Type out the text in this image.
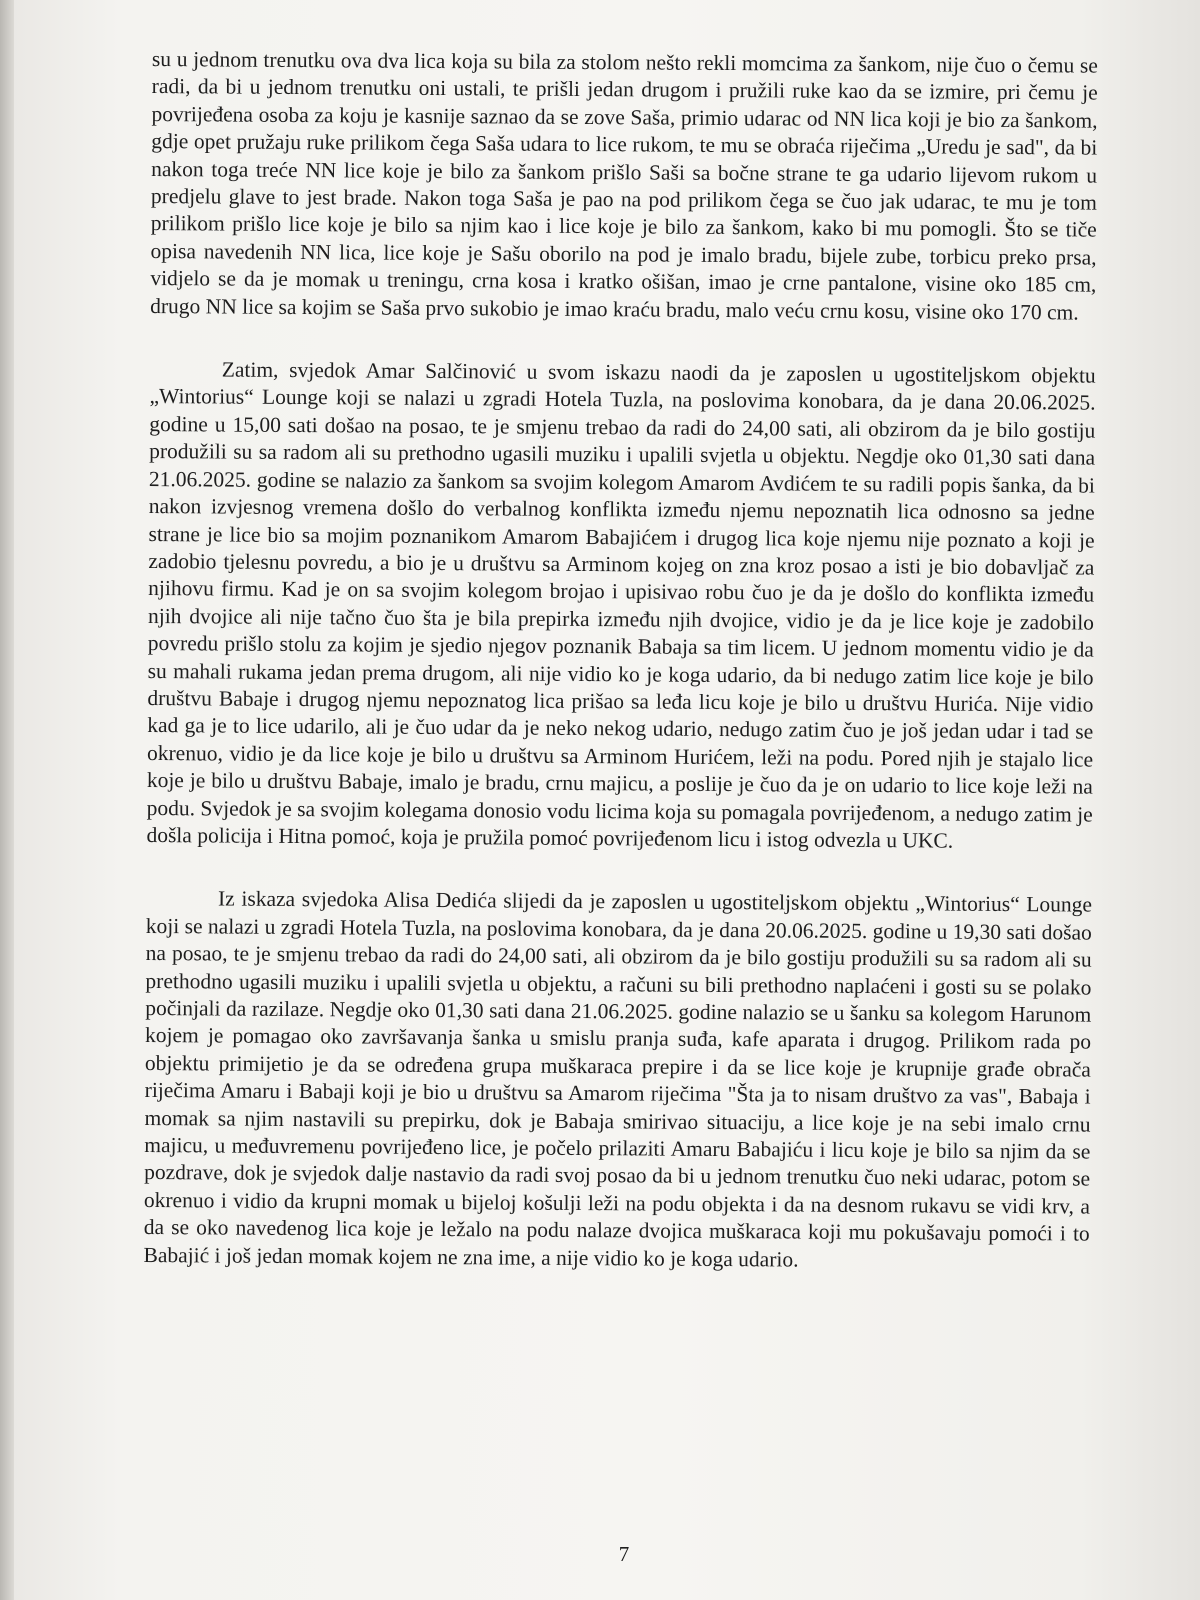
su u jednom trenutku ova dva lica koja su bila za stolom nešto rekli momcima za šankom, nije čuo o čemu se radi, da bi u jednom trenutku oni ustali, te prišli jedan drugom i pružili ruke kao da se izmire, pri čemu je povrijeđena osoba za koju je kasnije saznao da se zove Saša, primio udarac od NN lica koji je bio za šankom, gdje opet pružaju ruke prilikom čega Saša udara to lice rukom, te mu se obraća riječima „Uredu je sad", da bi nakon toga treće NN lice koje je bilo za šankom prišlo Saši sa bočne strane te ga udario lijevom rukom u predjelu glave to jest brade. Nakon toga Saša je pao na pod prilikom čega se čuo jak udarac, te mu je tom prilikom prišlo lice koje je bilo sa njim kao i lice koje je bilo za šankom, kako bi mu pomogli. Što se tiče opisa navedenih NN lica, lice koje je Sašu oborilo na pod je imalo bradu, bijele zube, torbicu preko prsa, vidjelo se da je momak u treningu, crna kosa i kratko ošišan, imao je crne pantalone, visine oko 185 cm, drugo NN lice sa kojim se Saša prvo sukobio je imao kraću bradu, malo veću crnu kosu, visine oko 170 cm.

Zatim, svjedok Amar Salčinović u svom iskazu naodi da je zaposlen u ugostiteljskom objektu „Wintorius“ Lounge koji se nalazi u zgradi Hotela Tuzla, na poslovima konobara, da je dana 20.06.2025. godine u 15,00 sati došao na posao, te je smjenu trebao da radi do 24,00 sati, ali obzirom da je bilo gostiju produžili su sa radom ali su prethodno ugasili muziku i upalili svjetla u objektu. Negdje oko 01,30 sati dana 21.06.2025. godine se nalazio za šankom sa svojim kolegom Amarom Avdićem te su radili popis šanka, da bi nakon izvjesnog vremena došlo do verbalnog konflikta između njemu nepoznatih lica odnosno sa jedne strane je lice bio sa mojim poznanikom Amarom Babajićem i drugog lica koje njemu nije poznato a koji je zadobio tjelesnu povredu, a bio je u društvu sa Arminom kojeg on zna kroz posao a isti je bio dobavljač za njihovu firmu. Kad je on sa svojim kolegom brojao i upisivao robu čuo je da je došlo do konflikta između njih dvojice ali nije tačno čuo šta je bila prepirka između njih dvojice, vidio je da je lice koje je zadobilo povredu prišlo stolu za kojim je sjedio njegov poznanik Babaja sa tim licem. U jednom momentu vidio je da su mahali rukama jedan prema drugom, ali nije vidio ko je koga udario, da bi nedugo zatim lice koje je bilo društvu Babaje i drugog njemu nepoznatog lica prišao sa leđa licu koje je bilo u društvu Hurića. Nije vidio kad ga je to lice udarilo, ali je čuo udar da je neko nekog udario, nedugo zatim čuo je još jedan udar i tad se okrenuo, vidio je da lice koje je bilo u društvu sa Arminom Hurićem, leži na podu. Pored njih je stajalo lice koje je bilo u društvu Babaje, imalo je bradu, crnu majicu, a poslije je čuo da je on udario to lice koje leži na podu. Svjedok je sa svojim kolegama donosio vodu licima koja su pomagala povrijeđenom, a nedugo zatim je došla policija i Hitna pomoć, koja je pružila pomoć povrijeđenom licu i istog odvezla u UKC.

Iz iskaza svjedoka Alisa Dedića slijedi da je zaposlen u ugostiteljskom objektu „Wintorius“ Lounge koji se nalazi u zgradi Hotela Tuzla, na poslovima konobara, da je dana 20.06.2025. godine u 19,30 sati došao na posao, te je smjenu trebao da radi do 24,00 sati, ali obzirom da je bilo gostiju produžili su sa radom ali su prethodno ugasili muziku i upalili svjetla u objektu, a računi su bili prethodno naplaćeni i gosti su se polako počinjali da razilaze. Negdje oko 01,30 sati dana 21.06.2025. godine nalazio se u šanku sa kolegom Harunom kojem je pomagao oko završavanja šanka u smislu pranja suđa, kafe aparata i drugog. Prilikom rada po objektu primijetio je da se određena grupa muškaraca prepire i da se lice koje je krupnije građe obrača riječima Amaru i Babaji koji je bio u društvu sa Amarom riječima "Šta ja to nisam društvo za vas", Babaja i momak sa njim nastavili su prepirku, dok je Babaja smirivao situaciju, a lice koje je na sebi imalo crnu majicu, u međuvremenu povrijeđeno lice, je počelo prilaziti Amaru Babajiću i licu koje je bilo sa njim da se pozdrave, dok je svjedok dalje nastavio da radi svoj posao da bi u jednom trenutku čuo neki udarac, potom se okrenuo i vidio da krupni momak u bijeloj košulji leži na podu objekta i da na desnom rukavu se vidi krv, a da se oko navedenog lica koje je ležalo na podu nalaze dvojica muškaraca koji mu pokušavaju pomoći i to Babajić i još jedan momak kojem ne zna ime, a nije vidio ko je koga udario.

7
